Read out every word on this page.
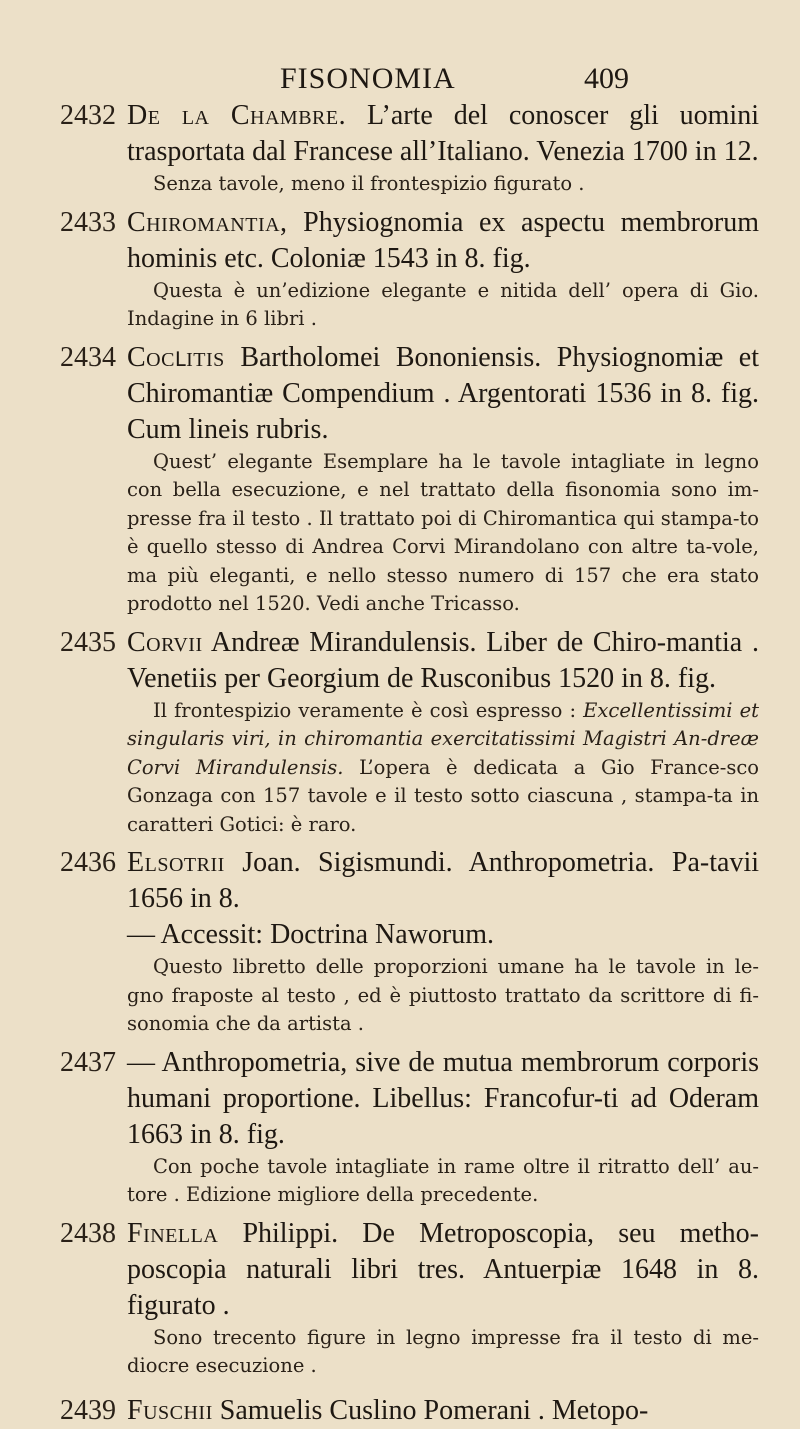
FISONOMIA	409
2432 De la Chambre. L’arte del conoscer gli uomini trasportata dal Francese all’Italiano. Venezia 1700 in 12.
Senza tavole, meno il frontespizio figurato .
2433 Chiromantia, Physiognomia ex aspectu membrorum hominis etc. Coloniæ 1543 in 8. fig.
Questa è un’edizione elegante e nitida dell’ opera di Gio. Indagine in 6 libri .
2434 Cocլitis Bartholomei Bononiensis. Physiognomiæ et Chiromantiæ Compendium . Argentorati 1536 in 8. fig. Cum lineis rubris.
Quest’ elegante Esemplare ha le tavole intagliate in legno con bella esecuzione, e nel trattato della fisonomia sono im-presse fra il testo . Il trattato poi di Chiromantica qui stampa-to è quello stesso di Andrea Corvi Mirandolano con altre ta-vole, ma più eleganti, e nello stesso numero di 157 che era stato prodotto nel 1520. Vedi anche Tricasso.
2435 Corvii Andreæ Mirandulensis. Liber de Chiro-mantia . Venetiis per Georgium de Rusconibus 1520 in 8. fig.
Il frontespizio veramente è così espresso : Excellentissimi et singularis viri, in chiromantia exercitatissimi Magistri An-dreæ Corvi Mirandulensis. L’opera è dedicata a Gio France-sco Gonzaga con 157 tavole e il testo sotto ciascuna , stampa-ta in caratteri Gotici: è raro.
2436 Elsotrii Joan. Sigismundi. Anthropometria. Pa-tavii 1656 in 8.
— Accessit: Doctrina Naworum.
Questo libretto delle proporzioni umane ha le tavole in le-gno fraposte al testo , ed è piuttosto trattato da scrittore di fi-sonomia che da artista .
2437 — Anthropometria, sive de mutua membrorum corporis humani proportione. Libellus: Francofur-ti ad Oderam 1663 in 8. fig.
Con poche tavole intagliate in rame oltre il ritratto dell’ au-tore . Edizione migliore della precedente.
2438 Finella Philippi. De Metroposcopia, seu metho-poscopia naturali libri tres. Antuerpiæ 1648 in 8. figurato .
Sono trecento figure in legno impresse fra il testo di me-diocre esecuzione .
2439 Fuschii Samuelis Cuslino Pomerani . Metopo-
